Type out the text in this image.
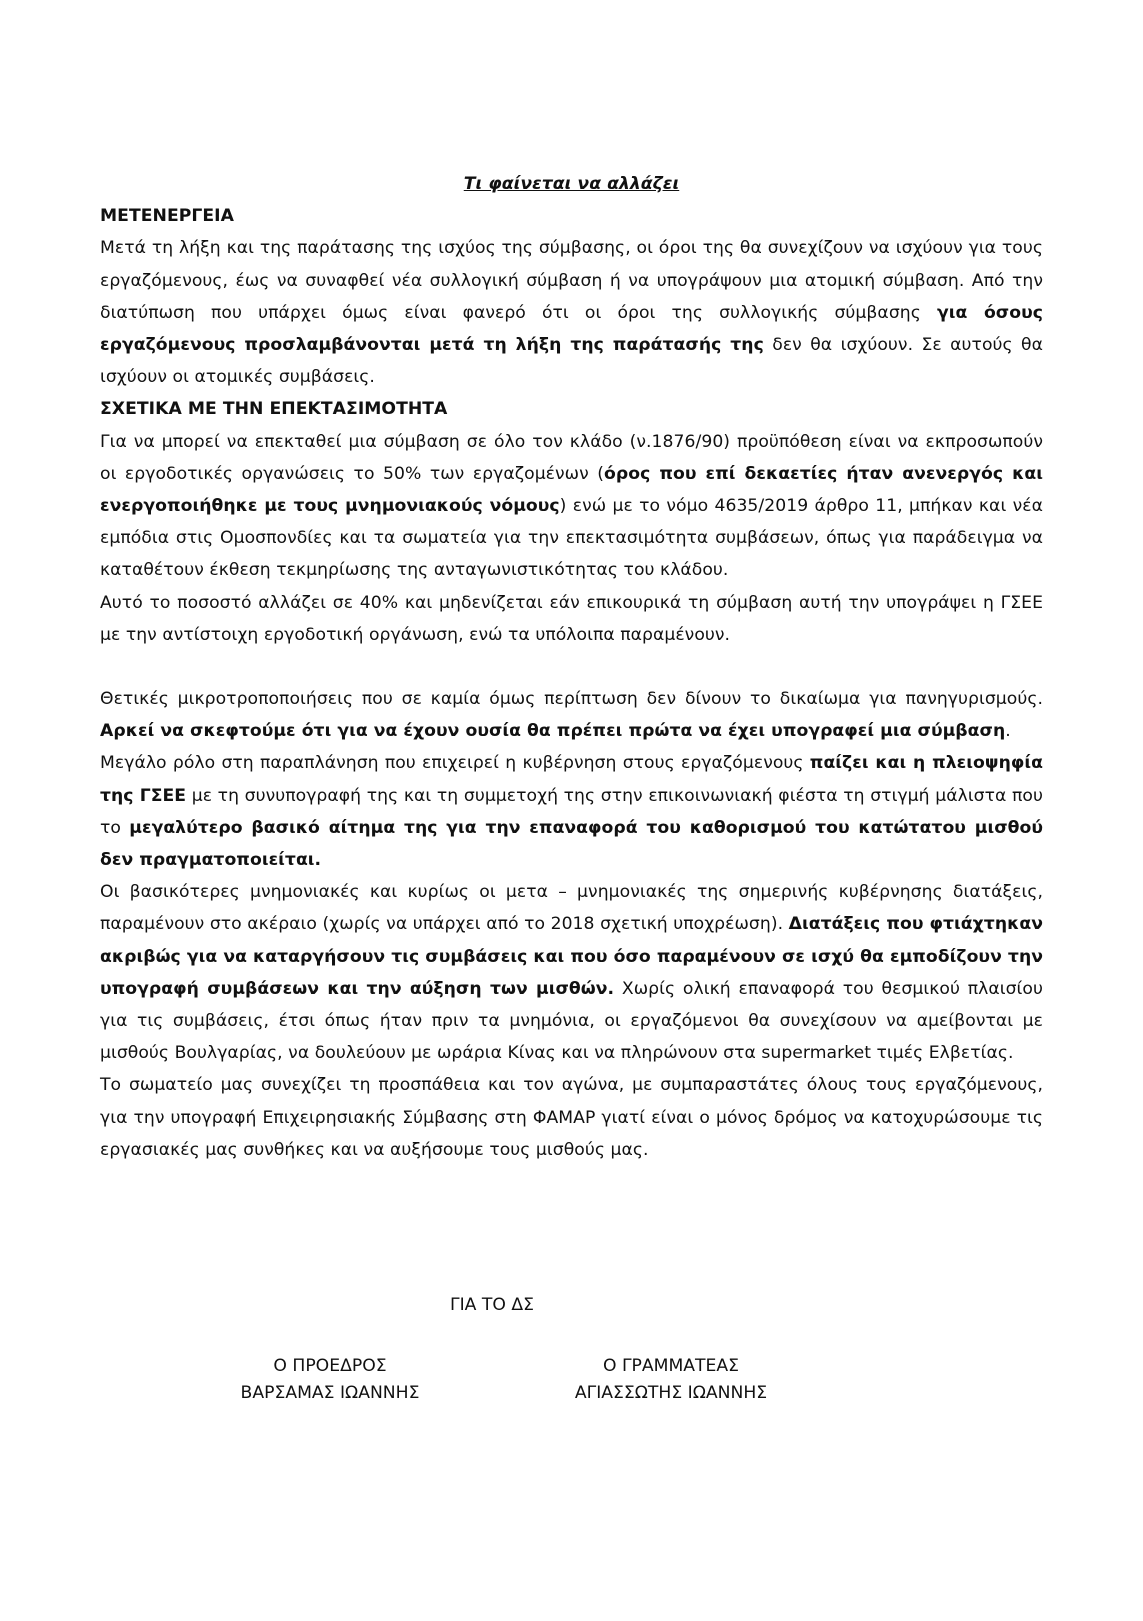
Τι φαίνεται να αλλάζει
ΜΕΤΕΝΕΡΓΕΙΑ

Μετά τη λήξη και της παράτασης της ισχύος της σύμβασης, οι όροι της θα συνεχίζουν να ισχύουν για τους εργαζόμενους, έως να συναφθεί νέα συλλογική σύμβαση ή να υπογράψουν μια ατομική σύμβαση. Από την διατύπωση που υπάρχει όμως είναι φανερό ότι οι όροι της συλλογικής σύμβασης για όσους εργαζόμενους προσλαμβάνονται μετά τη λήξη της παράτασής της δεν θα ισχύουν. Σε αυτούς θα ισχύουν οι ατομικές συμβάσεις.

ΣΧΕΤΙΚΑ ΜΕ ΤΗΝ ΕΠΕΚΤΑΣΙΜΟΤΗΤΑ

Για να μπορεί να επεκταθεί μια σύμβαση σε όλο τον κλάδο (ν.1876/90) προϋπόθεση είναι να εκπροσωπούν οι εργοδοτικές οργανώσεις το 50% των εργαζομένων (όρος που επί δεκαετίες ήταν ανενεργός και ενεργοποιήθηκε με τους μνημονιακούς νόμους) ενώ με το νόμο 4635/2019 άρθρο 11, μπήκαν και νέα εμπόδια στις Ομοσπονδίες και τα σωματεία για την επεκτασιμότητα συμβάσεων, όπως για παράδειγμα να καταθέτουν έκθεση τεκμηρίωσης της ανταγωνιστικότητας του κλάδου.

Αυτό το ποσοστό αλλάζει σε 40% και μηδενίζεται εάν επικουρικά τη σύμβαση αυτή την υπογράψει η ΓΣΕΕ με την αντίστοιχη εργοδοτική οργάνωση, ενώ τα υπόλοιπα παραμένουν.

Θετικές μικροτροποποιήσεις που σε καμία όμως περίπτωση δεν δίνουν το δικαίωμα για πανηγυρισμούς. Αρκεί να σκεφτούμε ότι για να έχουν ουσία θα πρέπει πρώτα να έχει υπογραφεί μια σύμβαση.

Μεγάλο ρόλο στη παραπλάνηση που επιχειρεί η κυβέρνηση στους εργαζόμενους παίζει και η πλειοψηφία της ΓΣΕΕ με τη συνυπογραφή της και τη συμμετοχή της στην επικοινωνιακή φιέστα τη στιγμή μάλιστα που το μεγαλύτερο βασικό αίτημα της για την επαναφορά του καθορισμού του κατώτατου μισθού δεν πραγματοποιείται.

Οι βασικότερες μνημονιακές και κυρίως οι μετα – μνημονιακές της σημερινής κυβέρνησης διατάξεις, παραμένουν στο ακέραιο (χωρίς να υπάρχει από το 2018 σχετική υποχρέωση). Διατάξεις που φτιάχτηκαν ακριβώς για να καταργήσουν τις συμβάσεις και που όσο παραμένουν σε ισχύ θα εμποδίζουν την υπογραφή συμβάσεων και την αύξηση των μισθών. Χωρίς ολική επαναφορά του θεσμικού πλαισίου για τις συμβάσεις, έτσι όπως ήταν πριν τα μνημόνια, οι εργαζόμενοι θα συνεχίσουν να αμείβονται με μισθούς Βουλγαρίας, να δουλεύουν με ωράρια Κίνας και να πληρώνουν στα supermarket τιμές Ελβετίας.

Το σωματείο μας συνεχίζει τη προσπάθεια και τον αγώνα, με συμπαραστάτες όλους τους εργαζόμενους, για την υπογραφή Επιχειρησιακής Σύμβασης στη ΦΑΜΑΡ γιατί είναι ο μόνος δρόμος να κατοχυρώσουμε τις εργασιακές μας συνθήκες και να αυξήσουμε τους μισθούς μας.

ΓΙΑ ΤΟ ΔΣ
Ο ΠΡΟΕΔΡΟΣ
ΒΑΡΣΑΜΑΣ ΙΩΑΝΝΗΣ
Ο ΓΡΑΜΜΑΤΕΑΣ
ΑΓΙΑΣΣΩΤΗΣ ΙΩΑΝΝΗΣ
